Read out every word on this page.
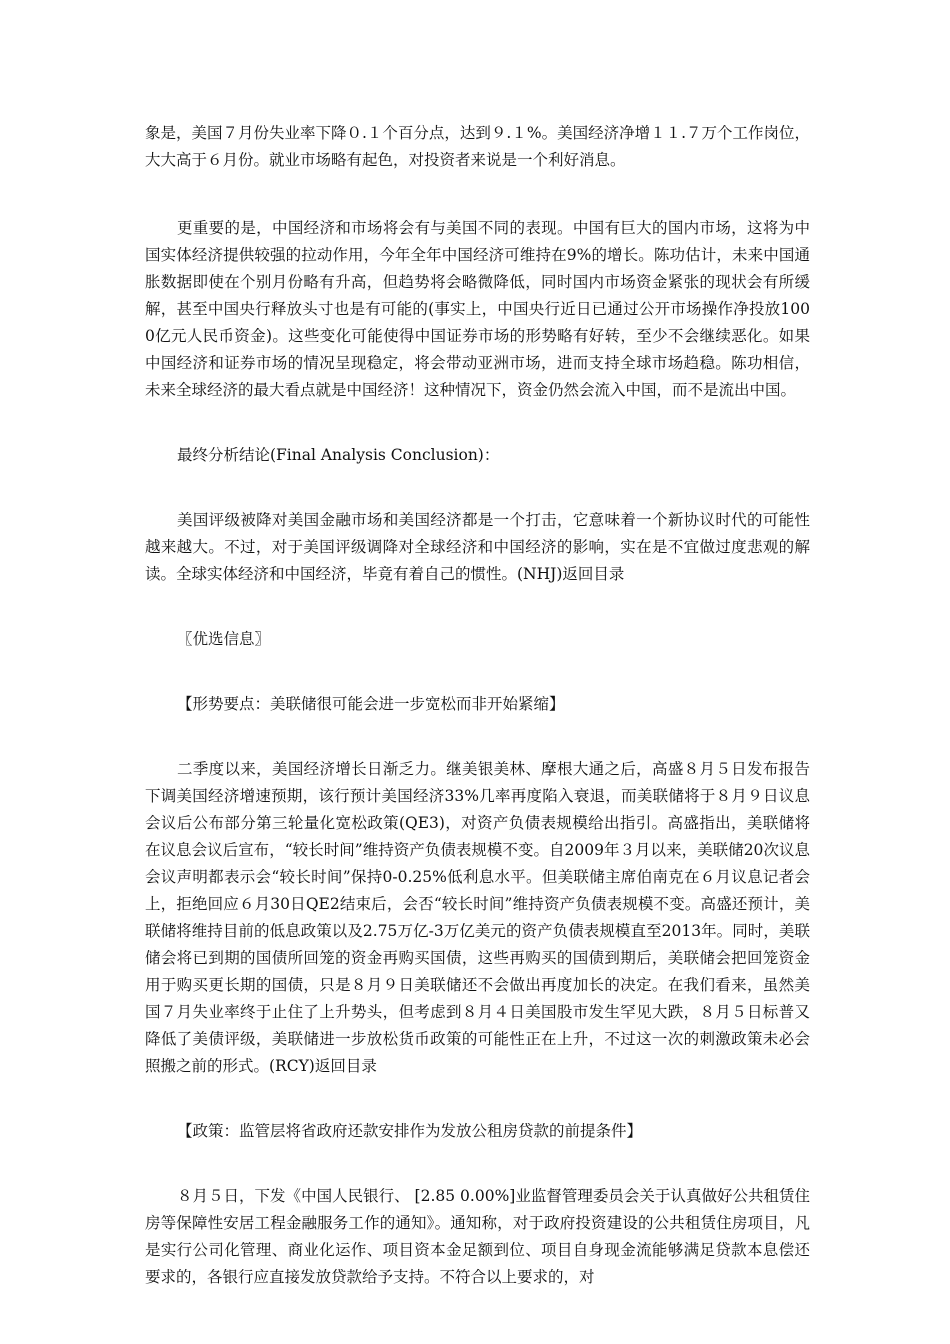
象是，美国７月份失业率下降０.１个百分点，达到９.１%。美国经济净增１１.７万个工作岗位，大大高于６月份。就业市场略有起色，对投资者来说是一个利好消息。

更重要的是，中国经济和市场将会有与美国不同的表现。中国有巨大的国内市场，这将为中国实体经济提供较强的拉动作用，今年全年中国经济可维持在9%的增长。陈功估计，未来中国通胀数据即使在个别月份略有升高，但趋势将会略微降低，同时国内市场资金紧张的现状会有所缓解，甚至中国央行释放头寸也是有可能的(事实上，中国央行近日已通过公开市场操作净投放1000亿元人民币资金)。这些变化可能使得中国证券市场的形势略有好转，至少不会继续恶化。如果中国经济和证券市场的情况呈现稳定，将会带动亚洲市场，进而支持全球市场趋稳。陈功相信，未来全球经济的最大看点就是中国经济！这种情况下，资金仍然会流入中国，而不是流出中国。

最终分析结论(Final Analysis Conclusion)：

美国评级被降对美国金融市场和美国经济都是一个打击，它意味着一个新协议时代的可能性越来越大。不过，对于美国评级调降对全球经济和中国经济的影响，实在是不宜做过度悲观的解读。全球实体经济和中国经济，毕竟有着自己的惯性。(NHJ)返回目录

〖优选信息〗

【形势要点：美联储很可能会进一步宽松而非开始紧缩】

二季度以来，美国经济增长日渐乏力。继美银美林、摩根大通之后，高盛８月５日发布报告下调美国经济增速预期，该行预计美国经济33%几率再度陷入衰退，而美联储将于８月９日议息会议后公布部分第三轮量化宽松政策(QE3)，对资产负债表规模给出指引。高盛指出，美联储将在议息会议后宣布，“较长时间”维持资产负债表规模不变。自2009年３月以来，美联储20次议息会议声明都表示会“较长时间”保持0-0.25%低利息水平。但美联储主席伯南克在６月议息记者会上，拒绝回应６月30日QE2结束后，会否“较长时间”维持资产负债表规模不变。高盛还预计，美联储将维持目前的低息政策以及2.75万亿-3万亿美元的资产负债表规模直至2013年。同时，美联储会将已到期的国债所回笼的资金再购买国债，这些再购买的国债到期后，美联储会把回笼资金用于购买更长期的国债，只是８月９日美联储还不会做出再度加长的决定。在我们看来，虽然美国７月失业率终于止住了上升势头，但考虑到８月４日美国股市发生罕见大跌，８月５日标普又降低了美债评级，美联储进一步放松货币政策的可能性正在上升，不过这一次的刺激政策未必会照搬之前的形式。(RCY)返回目录

【政策：监管层将省政府还款安排作为发放公租房贷款的前提条件】

８月５日，下发《中国人民银行、 [2.85 0.00%]业监督管理委员会关于认真做好公共租赁住房等保障性安居工程金融服务工作的通知》。通知称，对于政府投资建设的公共租赁住房项目，凡是实行公司化管理、商业化运作、项目资本金足额到位、项目自身现金流能够满足贷款本息偿还要求的，各银行应直接发放贷款给予支持。不符合以上要求的，对
